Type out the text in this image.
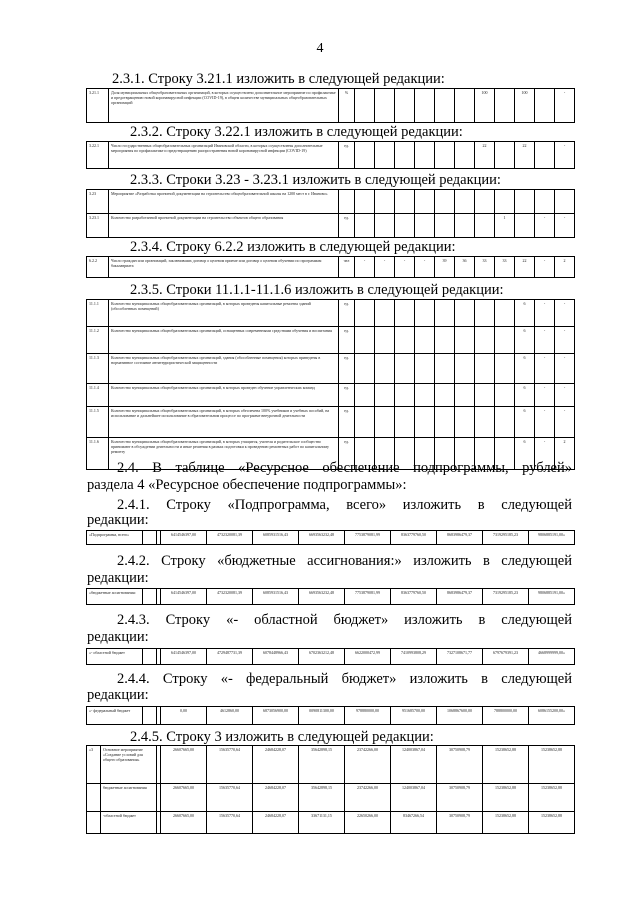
4
2.3.1. Строку 3.21.1 изложить в следующей редакции:
3.21.1	Доля муниципальных общеобразовательных организаций, в которых осуществлено дополнительное мероприятие по профилактике и предотвращению новой коронавирусной инфекции (COVID-19), в общем количестве муниципальных общеобразовательных организаций	%							100		100		-
2.3.2. Строку 3.22.1 изложить в следующей редакции:
3.22.1	Число государственных общеобразовательных организаций Ивановской области, в которых осуществлены дополнительные мероприятия по профилактике и предотвращению распространения новой коронавирусной инфекции (COVID-19)	ед.							22		22		-
2.3.3. Строки 3.23 - 3.23.1 изложить в следующей редакции:
3.23	Мероприятие «Разработка проектной документации на строительство общеобразовательной школы на 1200 мест в г. Иваново»												
3.23.1	Количество разработанной проектной документации на строительство объектов общего образования	ед.								1		-	-
2.3.4. Строку 6.2.2 изложить в следующей редакции:
6.2.2	Число граждан или организаций, заключивших договор о целевом приеме или договор о целевом обучении по программам бакалавриата	чел	-	-	-	-	39	36	33	33	22	-	2
2.3.5. Строки 11.1.1-11.1.6 изложить в следующей редакции:
11.1.1	Количество муниципальных общеобразовательных организаций, в которых проведены капитальные ремонты зданий (обособленных помещений)	ед.									6	-	-
11.1.2	Количество муниципальных общеобразовательных организаций, оснащенных современными средствами обучения и воспитания	ед.									6	-	-
11.1.3	Количество муниципальных общеобразовательных организаций, здания (обособленные помещения) которых приведены в нормативное состояние антитеррористической защищенности	ед.									6	-	-
11.1.4	Количество муниципальных общеобразовательных организаций, в которых проведен обучение управленческих команд	ед.									6	-	-
11.1.5	Количество муниципальных общеобразовательных организаций, в которых обеспечена 100% учебников и учебных пособий, на использование и дальнейшее использование в образовательном процессе по программе внеурочной деятельности	ед.									6	-	-
11.1.6	Количество муниципальных общеобразовательных организаций, в которых учащиеся, учителя и родительское сообщество принимают в обсуждении деятельности и иные решения в рамках подготовки к проведению ремонтных работ по капитальному ремонту	ед.									6	-	2
2.4. В таблице «Ресурсное обеспечение подпрограммы, рублей»
раздела 4 «Ресурсное обеспечение подпрограммы»:
2.4.1. Строку «Подпрограмма, всего» изложить в следующей
редакции:
«Подпрограмма, всего»			6414546397,00	4732320081,39	6085931516,43	6693563232,48	7753879081,99	8363779760,50	8683986479,37	7319295185,23	9806885191,00»
2.4.2. Строку «бюджетные ассигнования:» изложить в следующей
редакции:
«бюджетные ассигнования:			6414546397,00	4732320081,39	6085931516,43	6693563232,48	7753879081,99	8363779760,50	8683986479,37	7319295185,23	9806885191,00»
2.4.3. Строку «- областной бюджет» изложить в следующей
редакции:
«- областной бюджет			6414546397,00	4729487731,39	6078448966,43	6702363212,48	6622000472,99	7410993808,29	7327108671,77	6797679391,23	4668999999,00»
2.4.4. Строку «- федеральный бюджет» изложить в следующей
редакции:
«- федеральный бюджет			0,00	4612860,00	6873056900,00	0090811300,00	978880000,00	951685700,00	1068867600,00	788800000,00	6086155200,00»
2.4.5. Строку 3 изложить в следующей редакции:
«3	Основное мероприятие «Создание условий для общего образования»		26607665,00	15635770,64	24684228,07	35642898,15	23742266,00	124003867,04	30750908,79	15238652,88	15238652,88
	бюджетные ассигнования		26607665,00	15635770,64	24684228,07	35642898,15	23742266,00	124003867,04	30750908,79	15238652,88	15238652,88
	-областной бюджет		26607665,00	15635770,64	24684228,07	33671131,15	22650266,00	83467266,54	30750908,79	15238652,88	15238652,88
